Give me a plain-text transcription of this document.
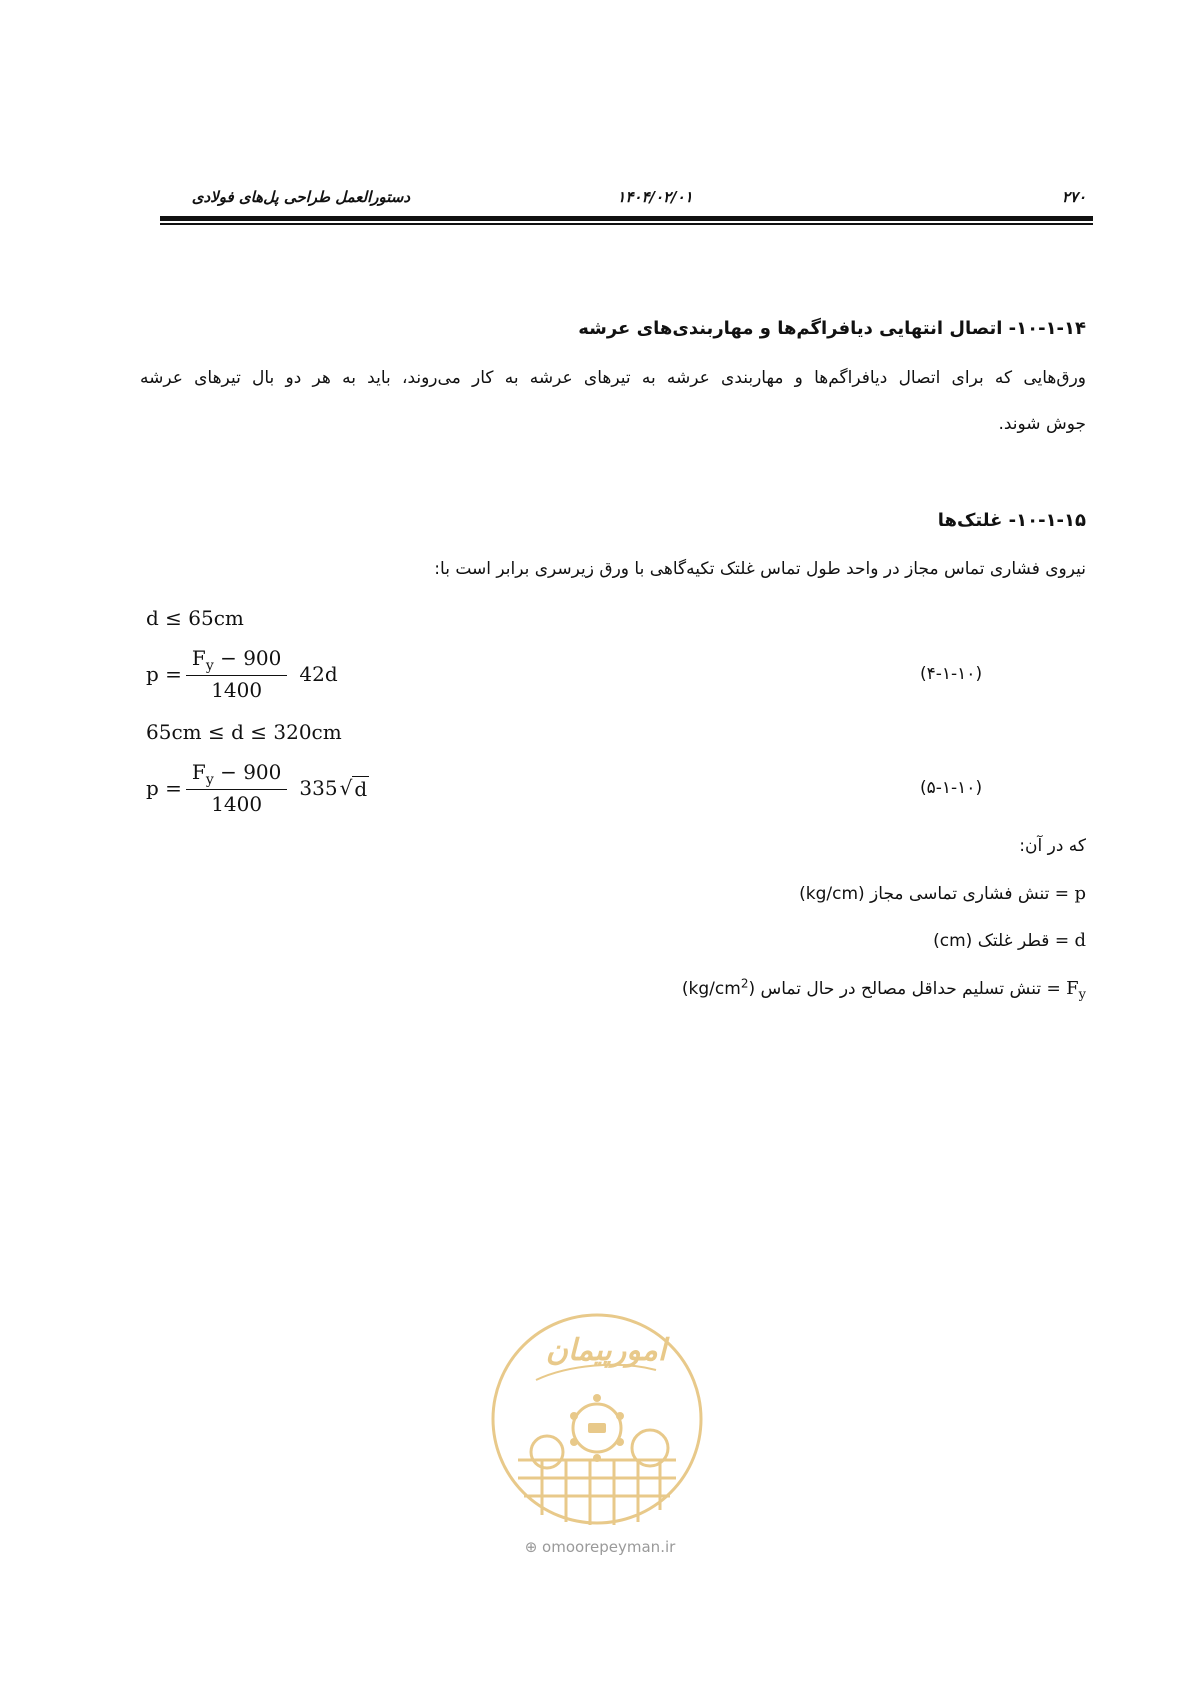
دستورالعمل طراحی پل‌های فولادی	۱۴۰۴/۰۲/۰۱	۲۷۰
۱۰-۱-۱۴- اتصال انتهایی دیافراگم‌ها و مهاربندی‌های عرشه
ورق‌هایی که برای اتصال دیافراگم‌ها و مهاربندی عرشه به تیرهای عرشه به کار می‌روند، باید به هر دو بال تیرهای عرشه
جوش شوند.
۱۰-۱-۱۵- غلتک‌ها
نیروی فشاری تماس مجاز در واحد طول تماس غلتک تکیه‌گاهی با ورق زیرسری برابر است با:
d ≤ 65cm
$p = \frac{F_y - 900}{1400} 42d$	(۴-۱-۱۰)
65cm ≤ d ≤ 320cm
$p = \frac{F_y - 900}{1400} 335$ √ d	(۵-۱-۱۰)
که در آن:
p = تنش فشاری تماسی مجاز (kg/cm)
d = قطر غلتک (cm)
$F_y$ = تنش تسلیم حداقل مصالح در حال تماس $(kg/cm^2)$
امورپیمان
⊕ omoorepeyman.ir
